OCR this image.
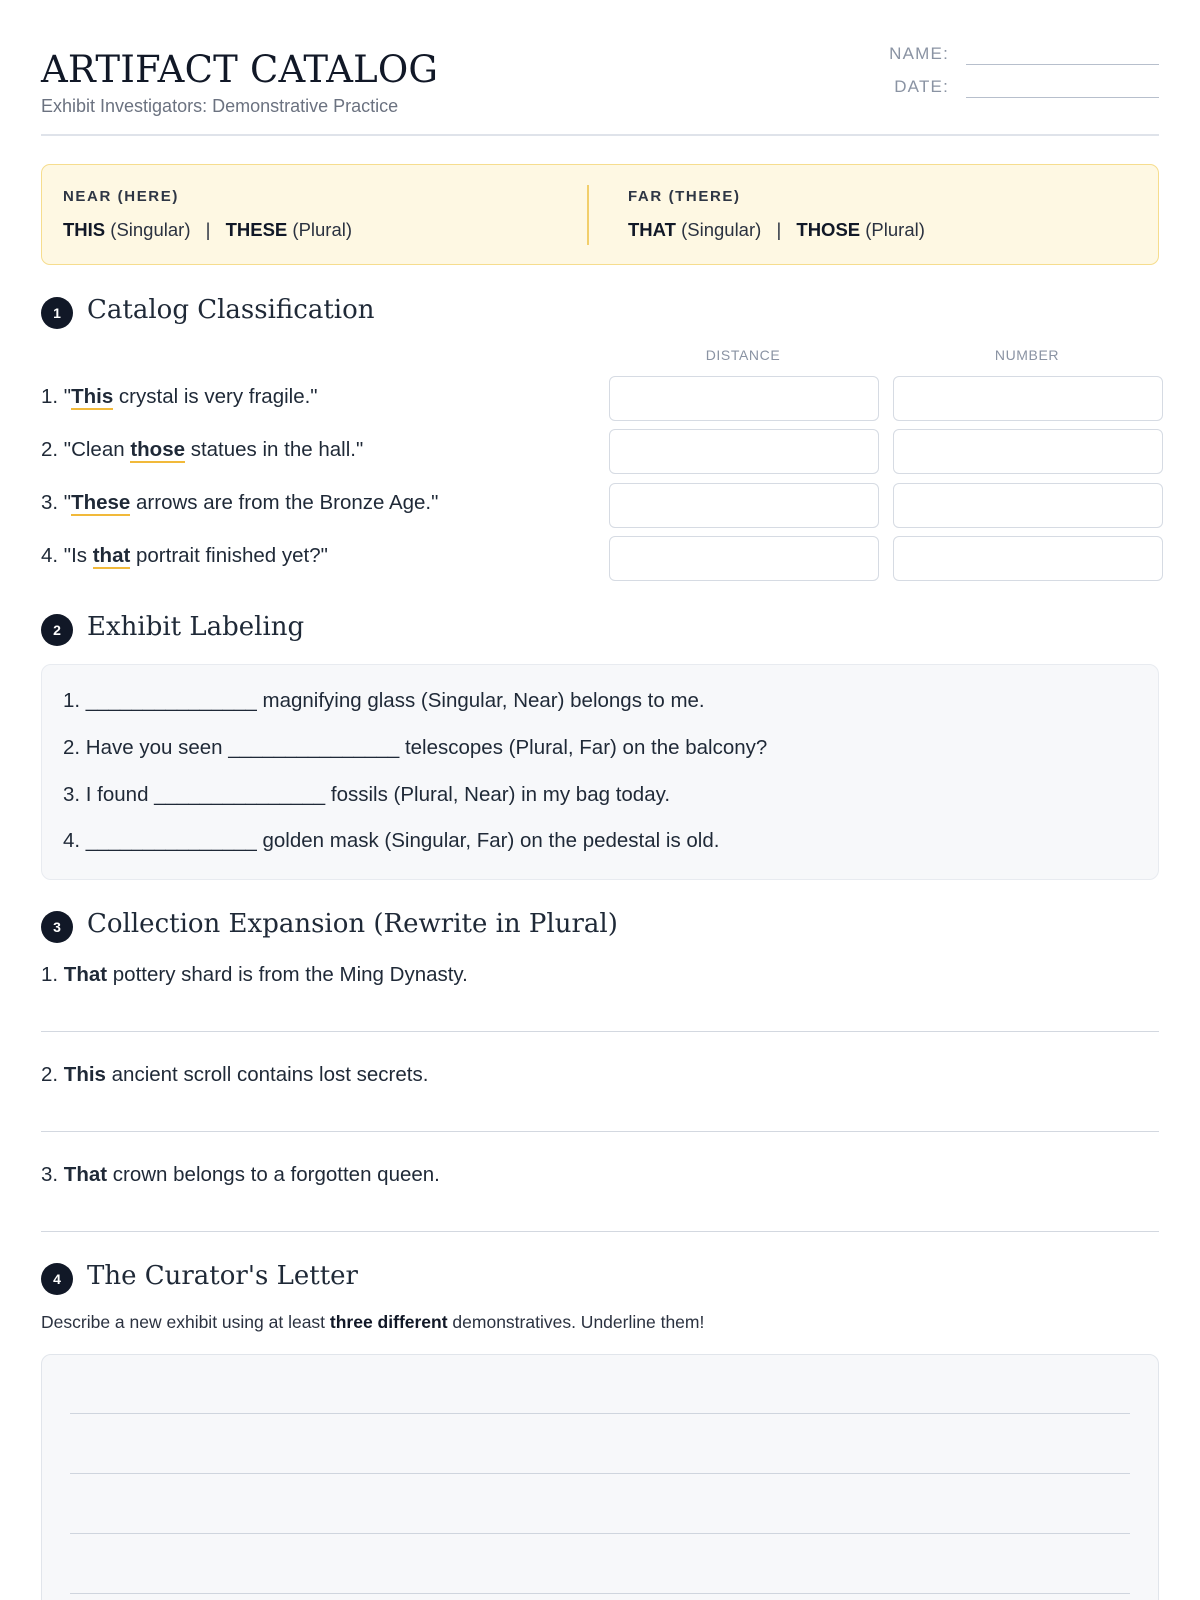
ARTIFACT CATALOG
Exhibit Investigators: Demonstrative Practice
NAME:
DATE:
NEAR (HERE)
THIS (Singular) | THESE (Plural)
FAR (THERE)
THAT (Singular) | THOSE (Plural)
1	Catalog Classification
DISTANCE	NUMBER
1. "This crystal is very fragile."
2. "Clean those statues in the hall."
3. "These arrows are from the Bronze Age."
4. "Is that portrait finished yet?"
2	Exhibit Labeling
1. _______________ magnifying glass (Singular, Near) belongs to me.
2. Have you seen _______________ telescopes (Plural, Far) on the balcony?
3. I found _______________ fossils (Plural, Near) in my bag today.
4. _______________ golden mask (Singular, Far) on the pedestal is old.
3	Collection Expansion (Rewrite in Plural)
1. That pottery shard is from the Ming Dynasty.
2. This ancient scroll contains lost secrets.
3. That crown belongs to a forgotten queen.
4	The Curator's Letter
Describe a new exhibit using at least three different demonstratives. Underline them!
